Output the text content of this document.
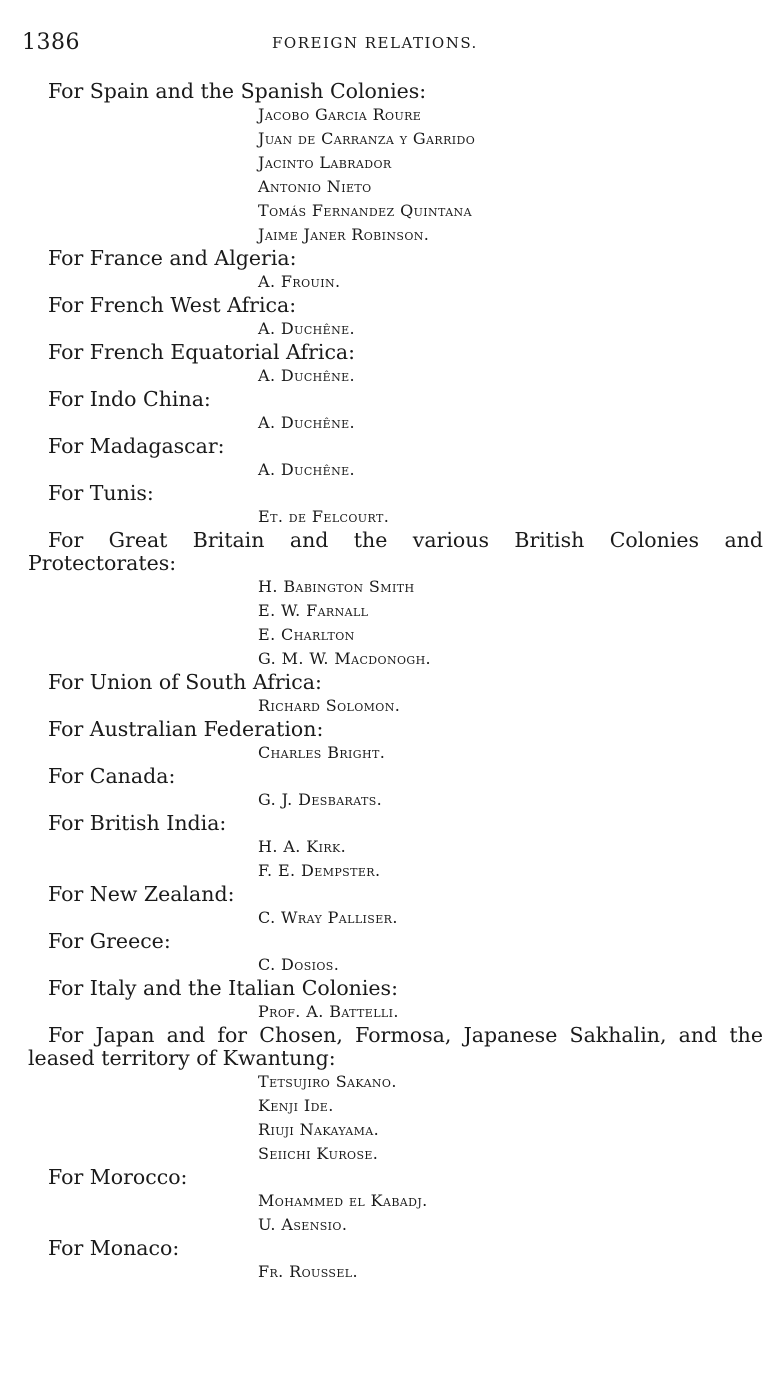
1386	FOREIGN RELATIONS.

For Spain and the Spanish Colonies:

Jacobo Garcia Roure
Juan de Carranza y Garrido
Jacinto Labrador
Antonio Nieto
Tomás Fernandez Quintana
Jaime Janer Robinson.

For France and Algeria:

A. Frouin.

For French West Africa:

A. Duchêne.

For French Equatorial Africa:

A. Duchêne.

For Indo China:

A. Duchêne.

For Madagascar:

A. Duchêne.

For Tunis:

Et. de Felcourt.

For Great Britain and the various British Colonies and Protectorates:

H. Babington Smith
E. W. Farnall
E. Charlton
G. M. W. Macdonogh.

For Union of South Africa:

Richard Solomon.

For Australian Federation:

Charles Bright.

For Canada:

G. J. Desbarats.

For British India:

H. A. Kirk.
F. E. Dempster.

For New Zealand:

C. Wray Palliser.

For Greece:

C. Dosios.

For Italy and the Italian Colonies:

Prof. A. Battelli.

For Japan and for Chosen, Formosa, Japanese Sakhalin, and the leased territory of Kwantung:

Tetsujiro Sakano.
Kenji Ide.
Riuji Nakayama.
Seiichi Kurose.

For Morocco:

Mohammed el Kabadj.
U. Asensio.

For Monaco:

Fr. Roussel.
